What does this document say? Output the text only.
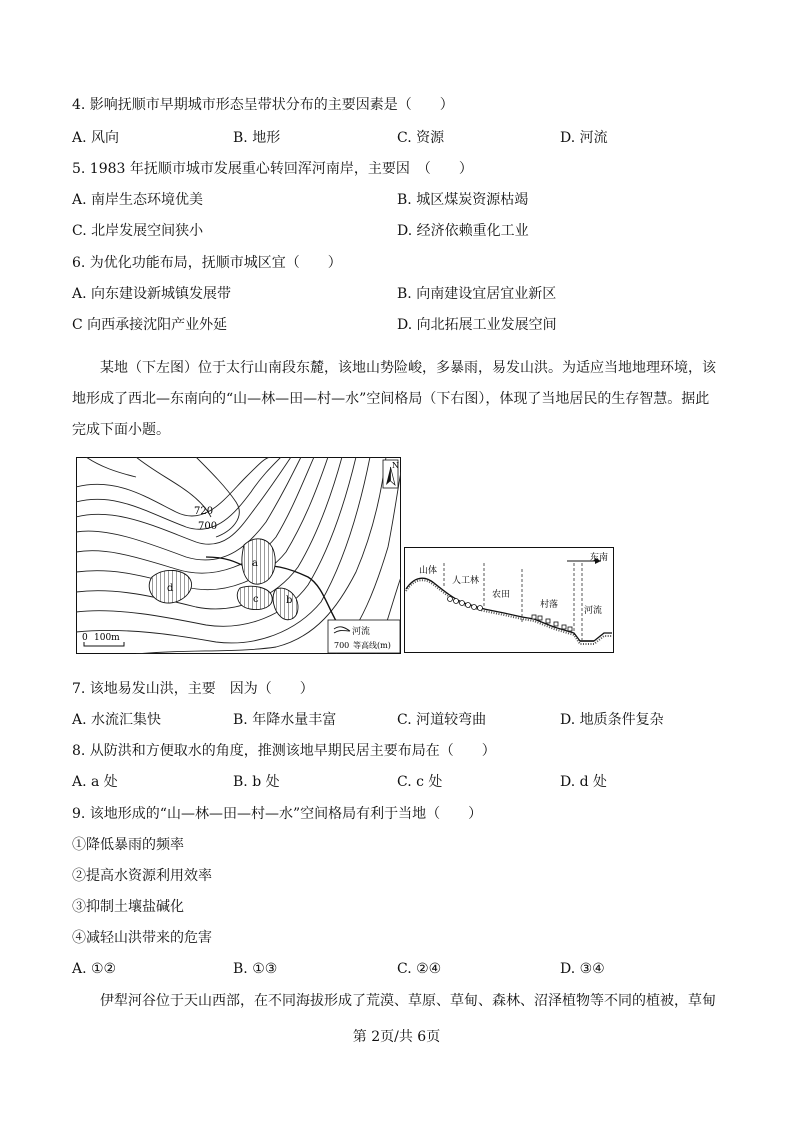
4. 影响抚顺市早期城市形态呈带状分布的主要因素是（　　）
A. 风向	B. 地形	C. 资源	D. 河流
5. 1983 年抚顺市城市发展重心转回浑河南岸，主要因　（　　）
A. 南岸生态环境优美	B. 城区煤炭资源枯竭
C. 北岸发展空间狭小	D. 经济依赖重化工业
6. 为优化功能布局，抚顺市城区宜（　　）
A. 向东建设新城镇发展带	B. 向南建设宜居宜业新区
C 向西承接沈阳产业外延	D. 向北拓展工业发展空间
某地（下左图）位于太行山南段东麓，该地山势险峻，多暴雨，易发山洪。为适应当地地理环境，该地形成了西北—东南向的“山—林—田—村—水”空间格局（下右图），体现了当地居民的生存智慧。据此完成下面小题。
a
b
c
d
720
700
N
0 100m
河流
700 等高线(m)
东南
山体
人工林
农田
村落
河流
7. 该地易发山洪，主要　因为（　　）
A. 水流汇集快	B. 年降水量丰富	C. 河道较弯曲	D. 地质条件复杂
8. 从防洪和方便取水的角度，推测该地早期民居主要布局在（　　）
A. a 处	B. b 处	C. c 处	D. d 处
9. 该地形成的“山—林—田—村—水”空间格局有利于当地（　　）
①降低暴雨的频率
②提高水资源利用效率
③抑制土壤盐碱化
④减轻山洪带来的危害
A. ①②	B. ①③	C. ②④	D. ③④
伊犁河谷位于天山西部，在不同海拔形成了荒漠、草原、草甸、森林、沼泽植物等不同的植被，草甸
第 2页/共 6页
